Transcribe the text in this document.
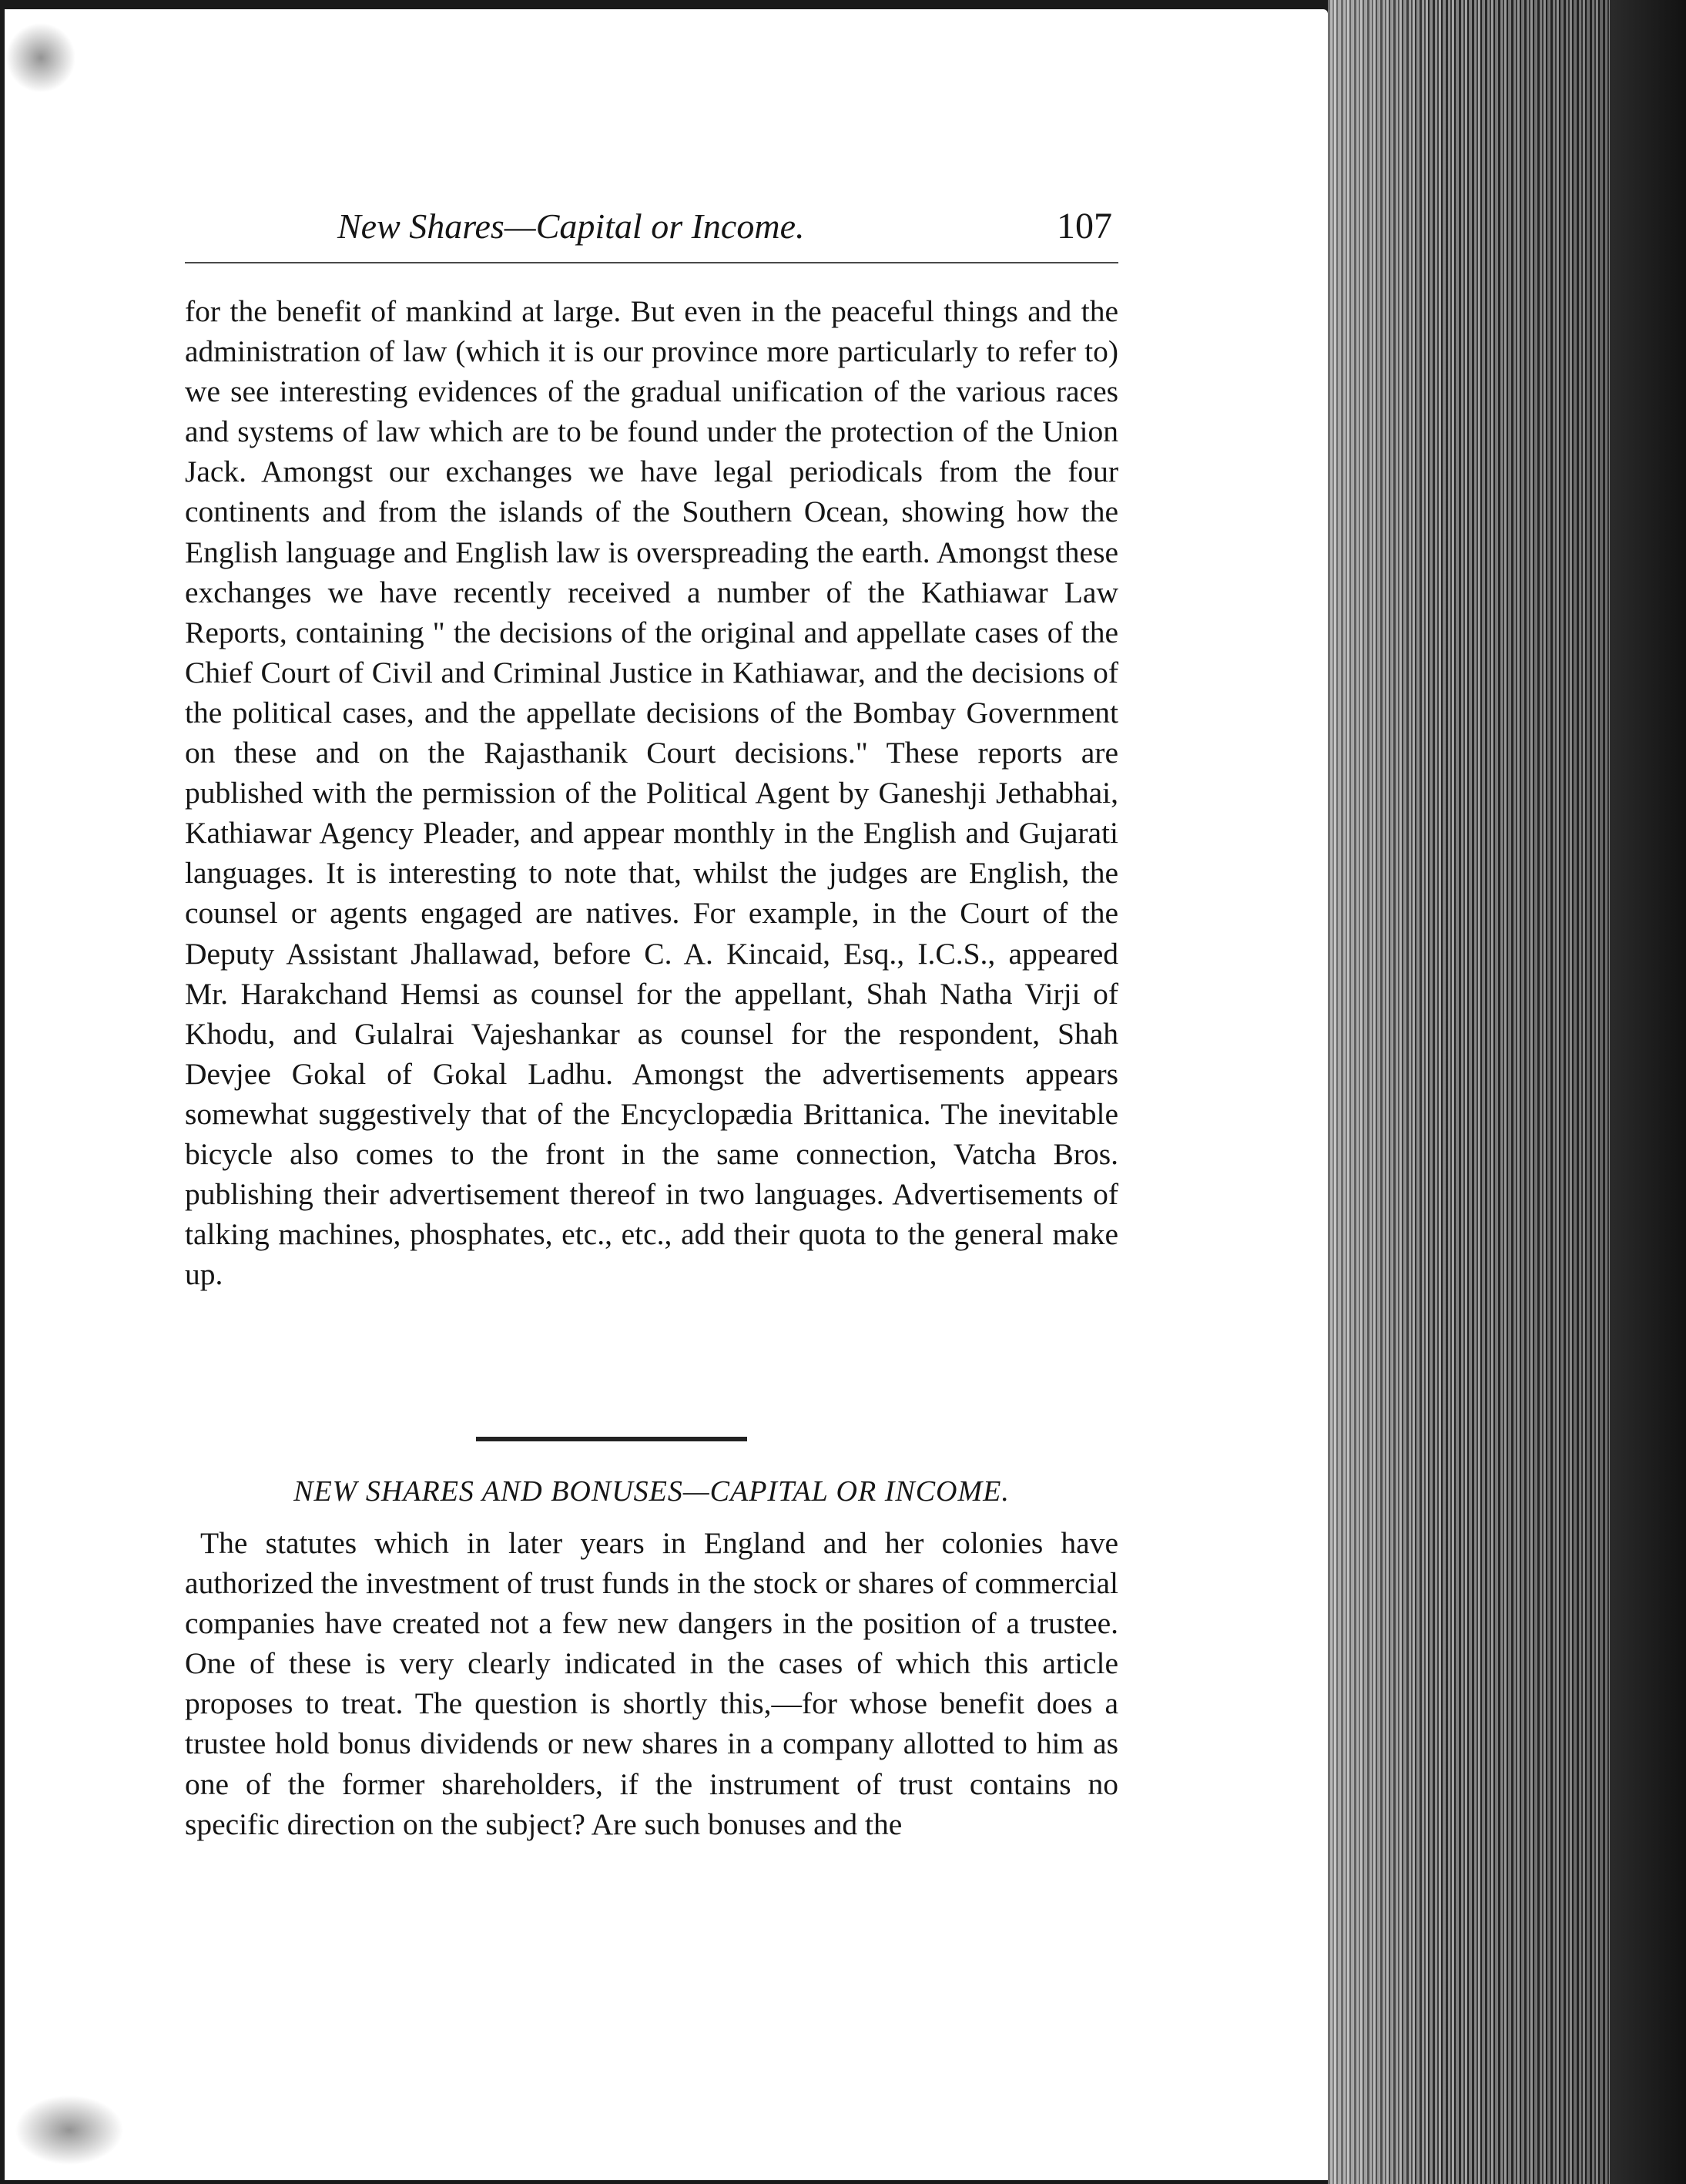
New Shares—Capital or Income.	107

for the benefit of mankind at large. But even in the peaceful things and the administration of law (which it is our province more particularly to refer to) we see interesting evidences of the gradual unification of the various races and systems of law which are to be found under the protection of the Union Jack. Amongst our exchanges we have legal periodicals from the four continents and from the islands of the Southern Ocean, showing how the English language and English law is overspreading the earth. Amongst these exchanges we have recently received a number of the Kathiawar Law Reports, containing " the decisions of the original and appellate cases of the Chief Court of Civil and Criminal Justice in Kathiawar, and the decisions of the political cases, and the appellate decisions of the Bombay Government on these and on the Rajasthanik Court decisions." These reports are published with the permission of the Political Agent by Ganeshji Jethabhai, Kathiawar Agency Pleader, and appear monthly in the English and Gujarati languages. It is interesting to note that, whilst the judges are English, the counsel or agents engaged are natives. For example, in the Court of the Deputy Assistant Jhallawad, before C. A. Kincaid, Esq., I.C.S., appeared Mr. Harakchand Hemsi as counsel for the appellant, Shah Natha Virji of Khodu, and Gulalrai Vajeshankar as counsel for the respondent, Shah Devjee Gokal of Gokal Ladhu. Amongst the advertisements appears somewhat suggestively that of the Encyclopædia Brittanica. The inevitable bicycle also comes to the front in the same connection, Vatcha Bros. publishing their advertisement thereof in two languages. Advertisements of talking machines, phosphates, etc., etc., add their quota to the general make up.

NEW SHARES AND BONUSES—CAPITAL OR INCOME.

The statutes which in later years in England and her colonies have authorized the investment of trust funds in the stock or shares of commercial companies have created not a few new dangers in the position of a trustee. One of these is very clearly indicated in the cases of which this article proposes to treat. The question is shortly this,—for whose benefit does a trustee hold bonus dividends or new shares in a company allotted to him as one of the former shareholders, if the instrument of trust contains no specific direction on the subject? Are such bonuses and the
